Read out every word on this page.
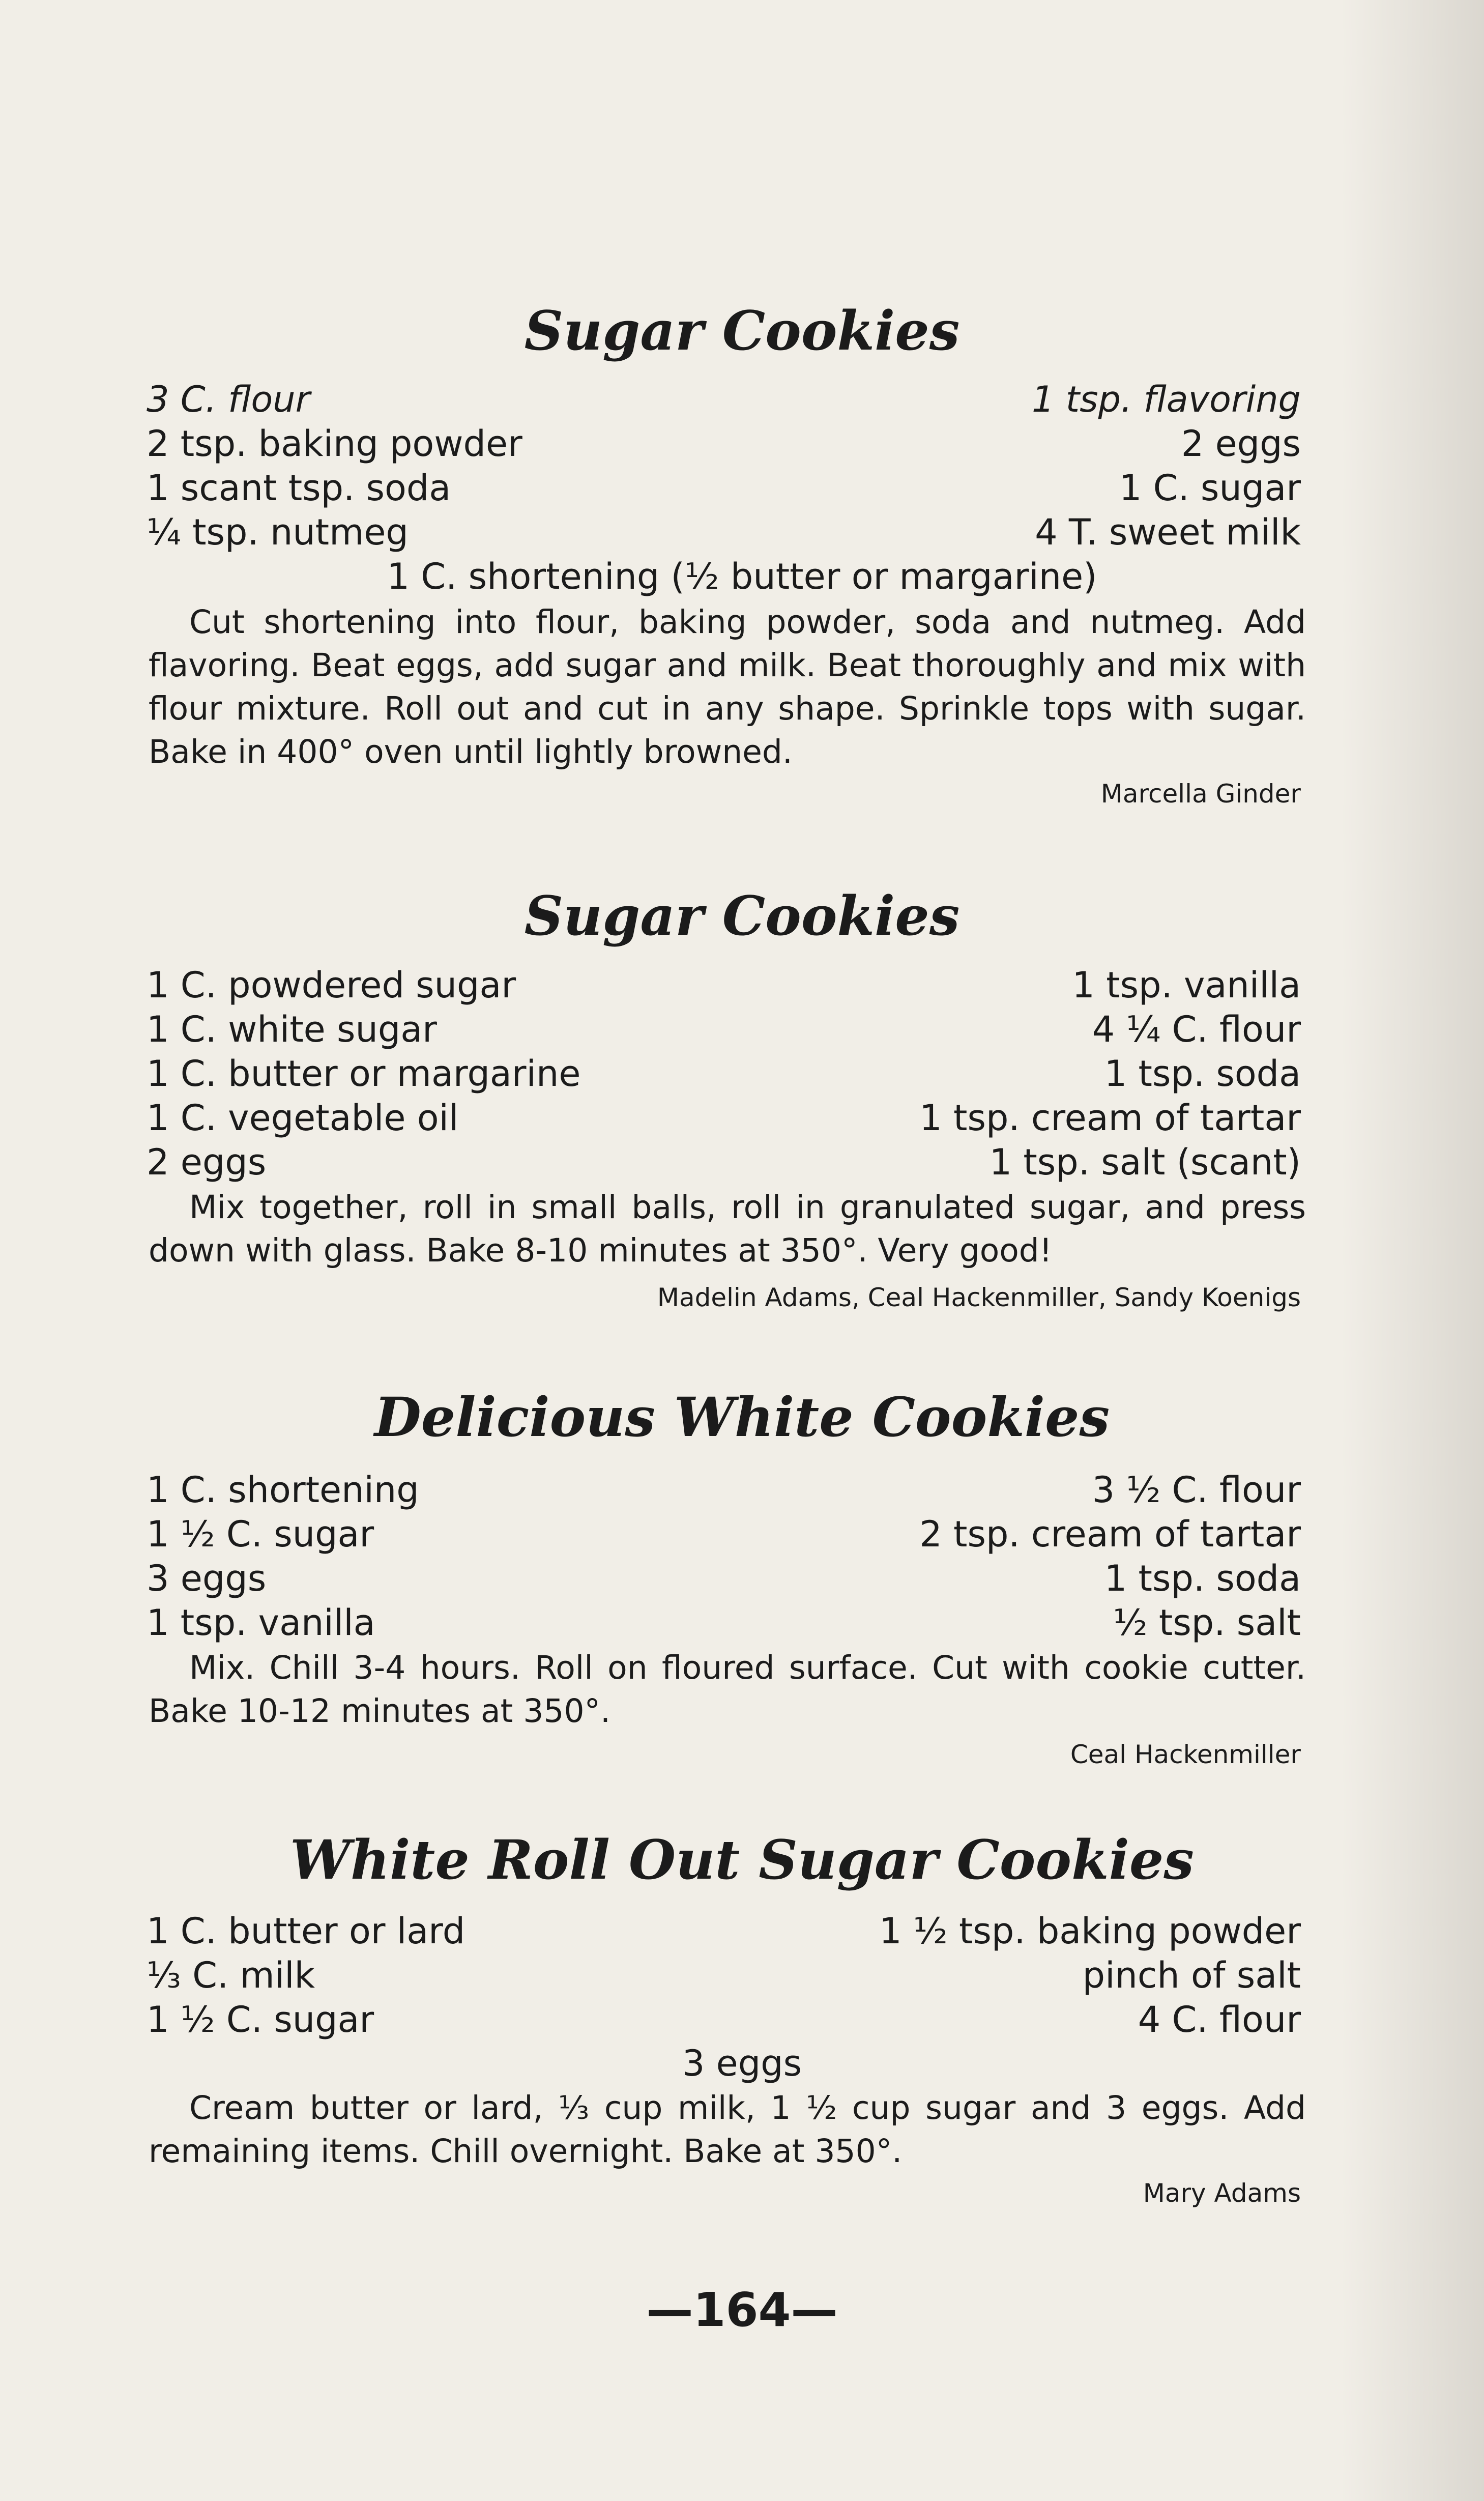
Sugar Cookies
3 C. flour
2 tsp. baking powder
1 scant tsp. soda
¼ tsp. nutmeg
1 tsp. flavoring
2 eggs
1 C. sugar
4 T. sweet milk
1 C. shortening (½ butter or margarine)

Cut shortening into flour, baking powder, soda and nutmeg. Add flavoring. Beat eggs, add sugar and milk. Beat thoroughly and mix with flour mixture. Roll out and cut in any shape. Sprinkle tops with sugar. Bake in 400° oven until lightly browned.

Marcella Ginder
Sugar Cookies
1 C. powdered sugar
1 C. white sugar
1 C. butter or margarine
1 C. vegetable oil
2 eggs
1 tsp. vanilla
4 ¼ C. flour
1 tsp. soda
1 tsp. cream of tartar
1 tsp. salt (scant)

Mix together, roll in small balls, roll in granulated sugar, and press down with glass. Bake 8-10 minutes at 350°. Very good!

Madelin Adams, Ceal Hackenmiller, Sandy Koenigs
Delicious White Cookies
1 C. shortening
1 ½ C. sugar
3 eggs
1 tsp. vanilla
3 ½ C. flour
2 tsp. cream of tartar
1 tsp. soda
½ tsp. salt

Mix. Chill 3-4 hours. Roll on floured surface. Cut with cookie cutter. Bake 10-12 minutes at 350°.

Ceal Hackenmiller
White Roll Out Sugar Cookies
1 C. butter or lard
⅓ C. milk
1 ½ C. sugar
1 ½ tsp. baking powder
pinch of salt
4 C. flour
3 eggs

Cream butter or lard, ⅓ cup milk, 1 ½ cup sugar and 3 eggs. Add remaining items. Chill overnight. Bake at 350°.

Mary Adams
—164—
